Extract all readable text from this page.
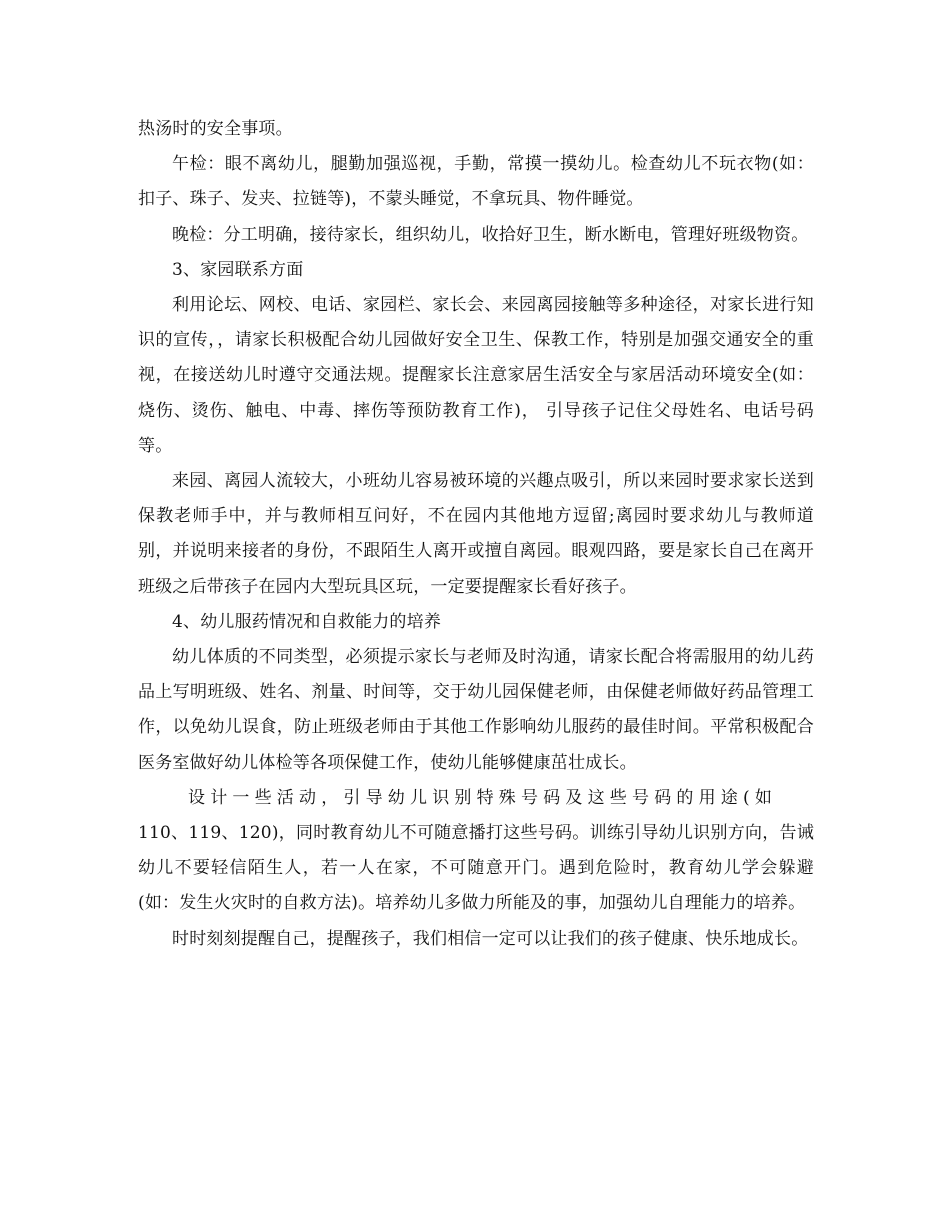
热汤时的安全事项。

午检：眼不离幼儿，腿勤加强巡视，手勤，常摸一摸幼儿。检查幼儿不玩衣物(如：扣子、珠子、发夹、拉链等)，不蒙头睡觉，不拿玩具、物件睡觉。

晚检：分工明确，接待家长，组织幼儿，收拾好卫生，断水断电，管理好班级物资。

3、家园联系方面

利用论坛、网校、电话、家园栏、家长会、来园离园接触等多种途径，对家长进行知识的宣传，，请家长积极配合幼儿园做好安全卫生、保教工作，特别是加强交通安全的重视，在接送幼儿时遵守交通法规。提醒家长注意家居生活安全与家居活动环境安全(如：烧伤、烫伤、触电、中毒、摔伤等预防教育工作)， 引导孩子记住父母姓名、电话号码等。

来园、离园人流较大，小班幼儿容易被环境的兴趣点吸引，所以来园时要求家长送到保教老师手中，并与教师相互问好，不在园内其他地方逗留;离园时要求幼儿与教师道别，并说明来接者的身份，不跟陌生人离开或擅自离园。眼观四路，要是家长自己在离开班级之后带孩子在园内大型玩具区玩，一定要提醒家长看好孩子。

4、幼儿服药情况和自救能力的培养

幼儿体质的不同类型，必须提示家长与老师及时沟通，请家长配合将需服用的幼儿药品上写明班级、姓名、剂量、时间等，交于幼儿园保健老师，由保健老师做好药品管理工作，以免幼儿误食，防止班级老师由于其他工作影响幼儿服药的最佳时间。平常积极配合医务室做好幼儿体检等各项保健工作，使幼儿能够健康茁壮成长。

设计一些活动，引导幼儿识别特殊号码及这些号码的用途(如

110、119、120)，同时教育幼儿不可随意播打这些号码。训练引导幼儿识别方向，告诫幼儿不要轻信陌生人，若一人在家，不可随意开门。遇到危险时，教育幼儿学会躲避(如：发生火灾时的自救方法)。培养幼儿多做力所能及的事，加强幼儿自理能力的培养。

时时刻刻提醒自己，提醒孩子，我们相信一定可以让我们的孩子健康、快乐地成长。
